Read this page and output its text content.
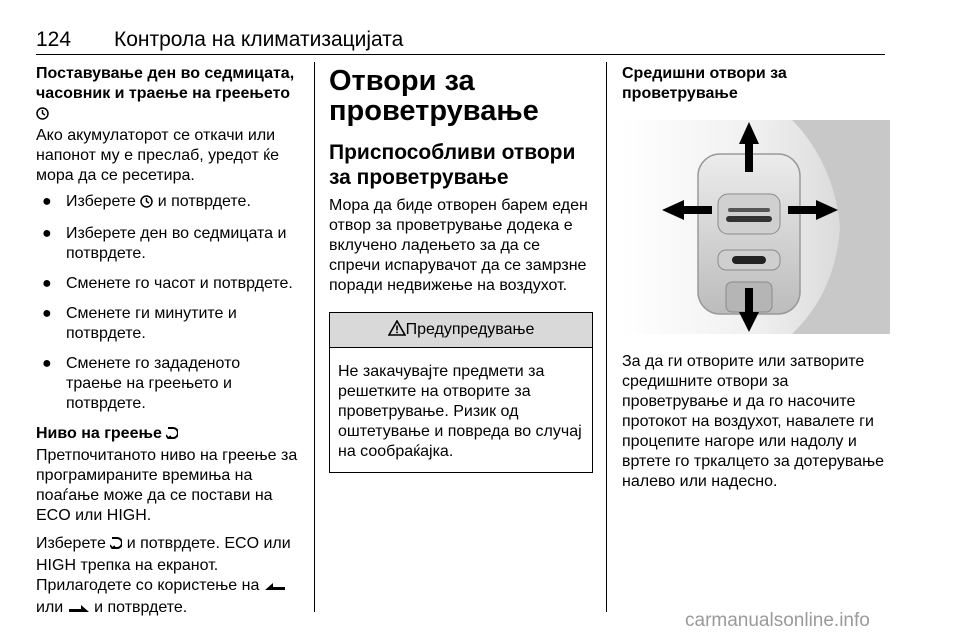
124 Контрола на климатизацијата

Поставување ден во седмицата,
часовник и траење на греењето

Ако акумулаторот се откачи или напонот му е преслаб, уредот ќе мора да се ресетира.

● Изберете  и потврдете.
● Изберете ден во седмицата и потврдете.
● Сменете го часот и потврдете.
● Сменете ги минутите и потврдете.
● Сменете го зададеното траење на греењето и потврдете.

Ниво на греење

Претпочитаното ниво на греење за програмираните времиња на поаѓање може да се постави на ECO или HIGH.

Изберете  и потврдете. ECO или HIGH трепка на екранот.
Прилагодете со користење на
или  и потврдете.

Отвори за проветрување
Приспособливи отвори за проветрување

Мора да биде отворен барем еден отвор за проветрување додека е вклучено ладењето за да се спречи испарувачот да се замрзне поради недвижење на воздухот.

Предупредување
Не закачувајте предмети за решетките на отворите за проветрување. Ризик од оштетување и повреда во случај на сообраќајка.

Средишни отвори за проветрување

За да ги отворите или затворите средишните отвори за проветрување и да го насочите протокот на воздухот, навалете ги процепите нагоре или надолу и вртете го тркалцето за дотерување налево или надесно.

carmanualsonline.info
